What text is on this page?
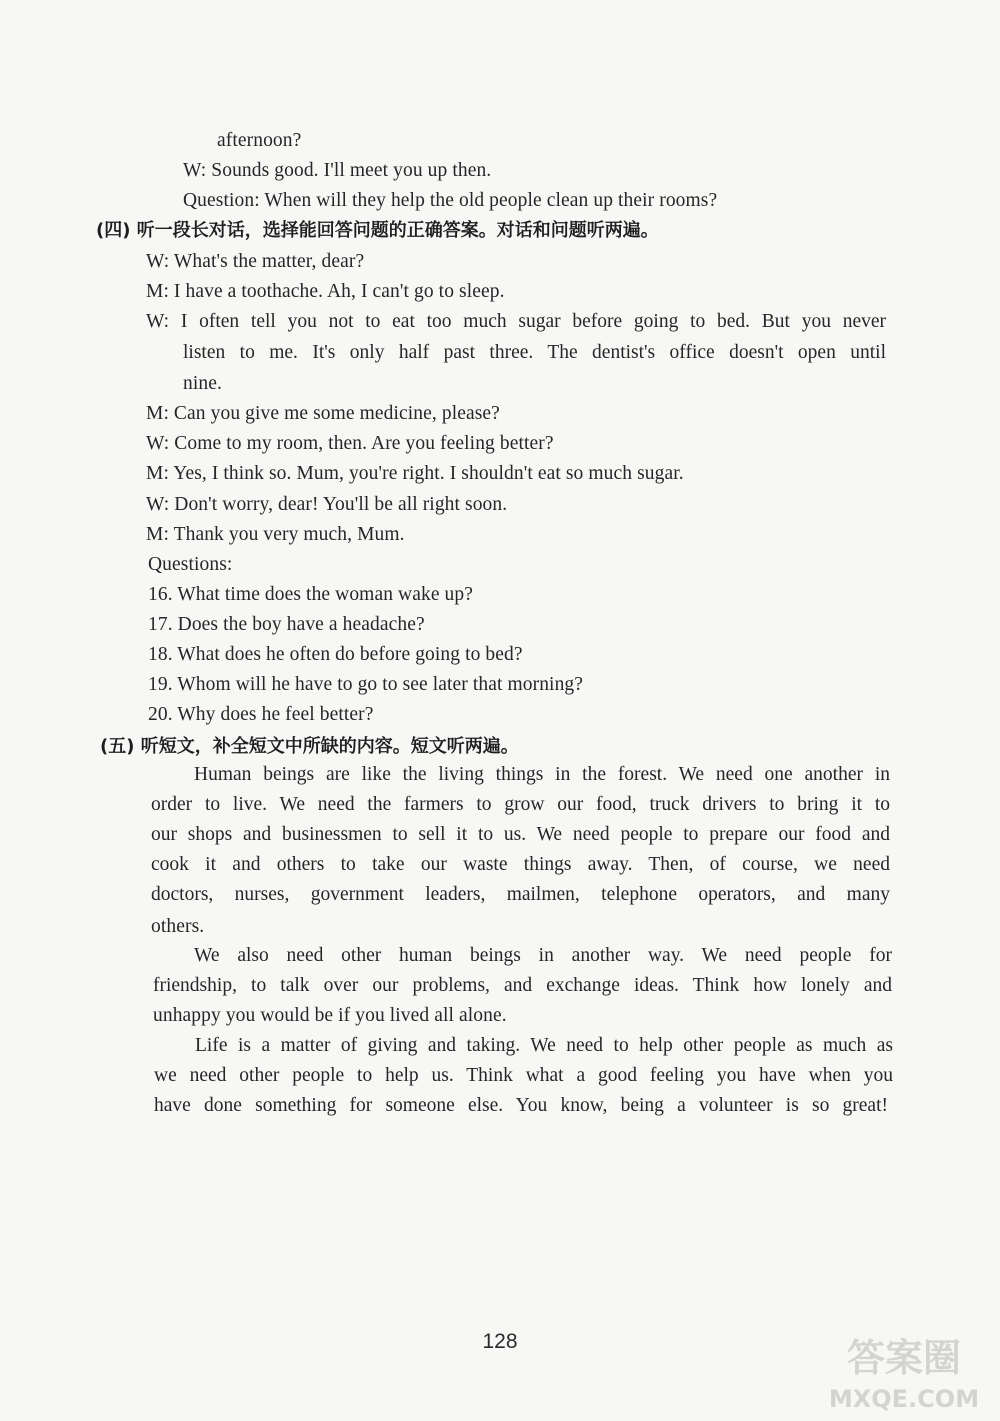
afternoon?
W: Sounds good. I'll meet you up then.
Question: When will they help the old people clean up their rooms?
(四) 听一段长对话，选择能回答问题的正确答案。对话和问题听两遍。
W: What's the matter, dear?
M: I have a toothache. Ah, I can't go to sleep.
W: I often tell you not to eat too much sugar before going to bed. But you never
listen to me. It's only half past three. The dentist's office doesn't open until
nine.
M: Can you give me some medicine, please?
W: Come to my room, then. Are you feeling better?
M: Yes, I think so. Mum, you're right. I shouldn't eat so much sugar.
W: Don't worry, dear! You'll be all right soon.
M: Thank you very much, Mum.
Questions:
16. What time does the woman wake up?
17. Does the boy have a headache?
18. What does he often do before going to bed?
19. Whom will he have to go to see later that morning?
20. Why does he feel better?
(五) 听短文，补全短文中所缺的内容。短文听两遍。
Human beings are like the living things in the forest. We need one another in
order to live. We need the farmers to grow our food, truck drivers to bring it to
our shops and businessmen to sell it to us. We need people to prepare our food and
cook it and others to take our waste things away. Then, of course, we need
doctors, nurses, government leaders, mailmen, telephone operators, and many
others.
We also need other human beings in another way. We need people for
friendship, to talk over our problems, and exchange ideas. Think how lonely and
unhappy you would be if you lived all alone.
Life is a matter of giving and taking. We need to help other people as much as
we need other people to help us. Think what a good feeling you have when you
have done something for someone else. You know, being a volunteer is so great!
128	答案圈
MXQE.COM
